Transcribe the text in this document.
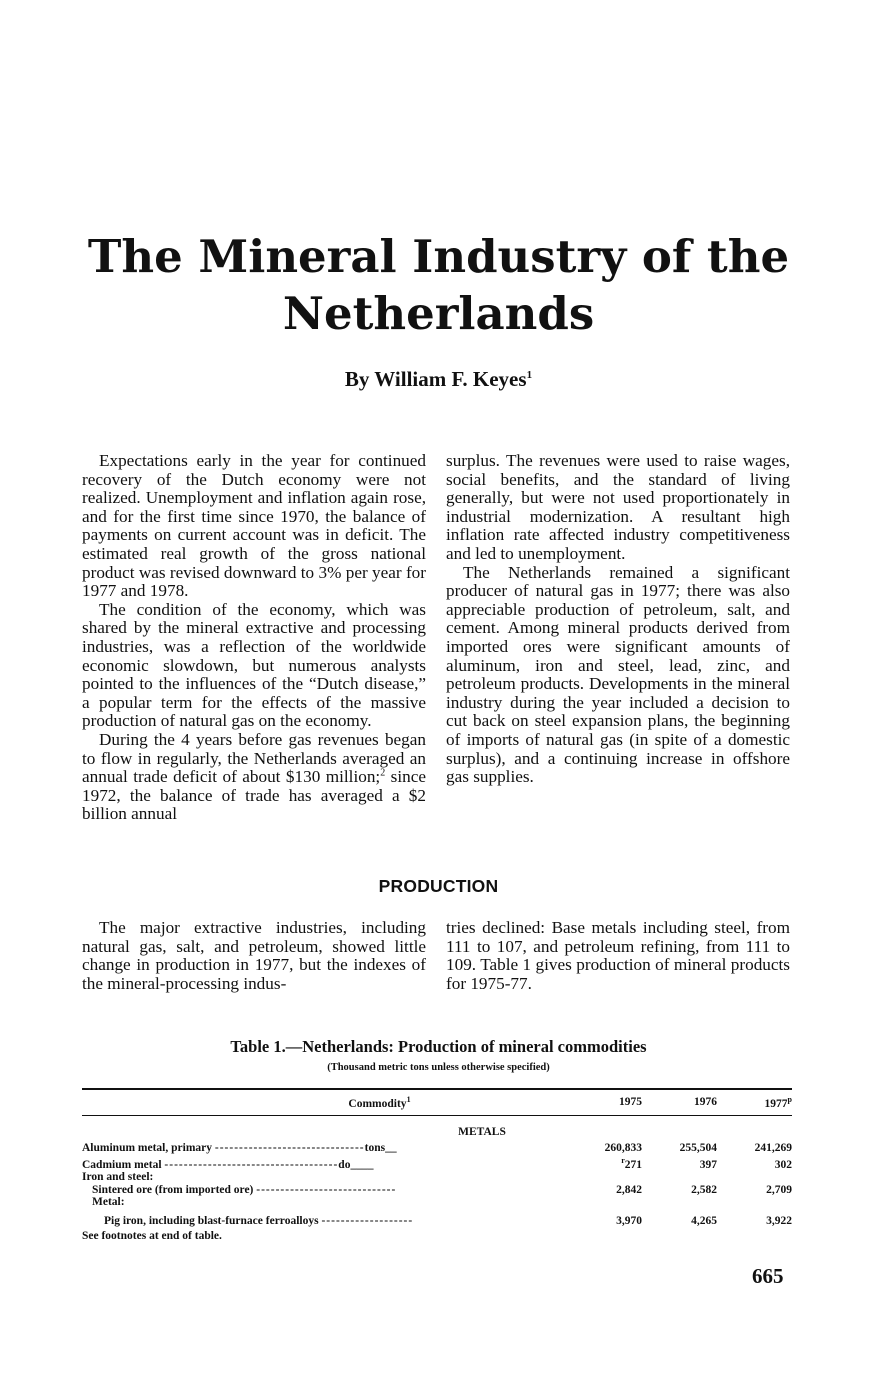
The Mineral Industry of the Netherlands

By William F. Keyes$^1$

Expectations early in the year for continued recovery of the Dutch economy were not realized. Unemployment and inflation again rose, and for the first time since 1970, the balance of payments on current account was in deficit. The estimated real growth of the gross national product was revised downward to 3% per year for 1977 and 1978.

The condition of the economy, which was shared by the mineral extractive and processing industries, was a reflection of the worldwide economic slowdown, but numerous analysts pointed to the influences of the “Dutch disease,” a popular term for the effects of the massive production of natural gas on the economy.

During the 4 years before gas revenues began to flow in regularly, the Netherlands averaged an annual trade deficit of about $130 million;$^2$ since 1972, the balance of trade has averaged a $2 billion annual

surplus. The revenues were used to raise wages, social benefits, and the standard of living generally, but were not used proportionately in industrial modernization. A resultant high inflation rate affected industry competitiveness and led to unemployment.

The Netherlands remained a significant producer of natural gas in 1977; there was also appreciable production of petroleum, salt, and cement. Among mineral products derived from imported ores were significant amounts of aluminum, iron and steel, lead, zinc, and petroleum products. Developments in the mineral industry during the year included a decision to cut back on steel expansion plans, the beginning of imports of natural gas (in spite of a domestic surplus), and a continuing increase in offshore gas supplies.

PRODUCTION

The major extractive industries, including natural gas, salt, and petroleum, showed little change in production in 1977, but the indexes of the mineral-processing indus-

tries declined: Base metals including steel, from 111 to 107, and petroleum refining, from 111 to 109. Table 1 gives production of mineral products for 1975-77.

Table 1.—Netherlands: Production of mineral commodities

(Thousand metric tons unless otherwise specified)

Commodity$^1$	1975	1976	1977$^p$
METALS			
Aluminum metal, primary -------------------------------tons__	260,833	255,504	241,269
Cadmium metal ------------------------------------do____	$^r$271	397	302
Iron and steel:			
Sintered ore (from imported ore) -----------------------------	2,842	2,582	2,709
Metal:			
Pig iron, including blast-furnace ferroalloys -------------------	3,970	4,265	3,922

See footnotes at end of table.

665
